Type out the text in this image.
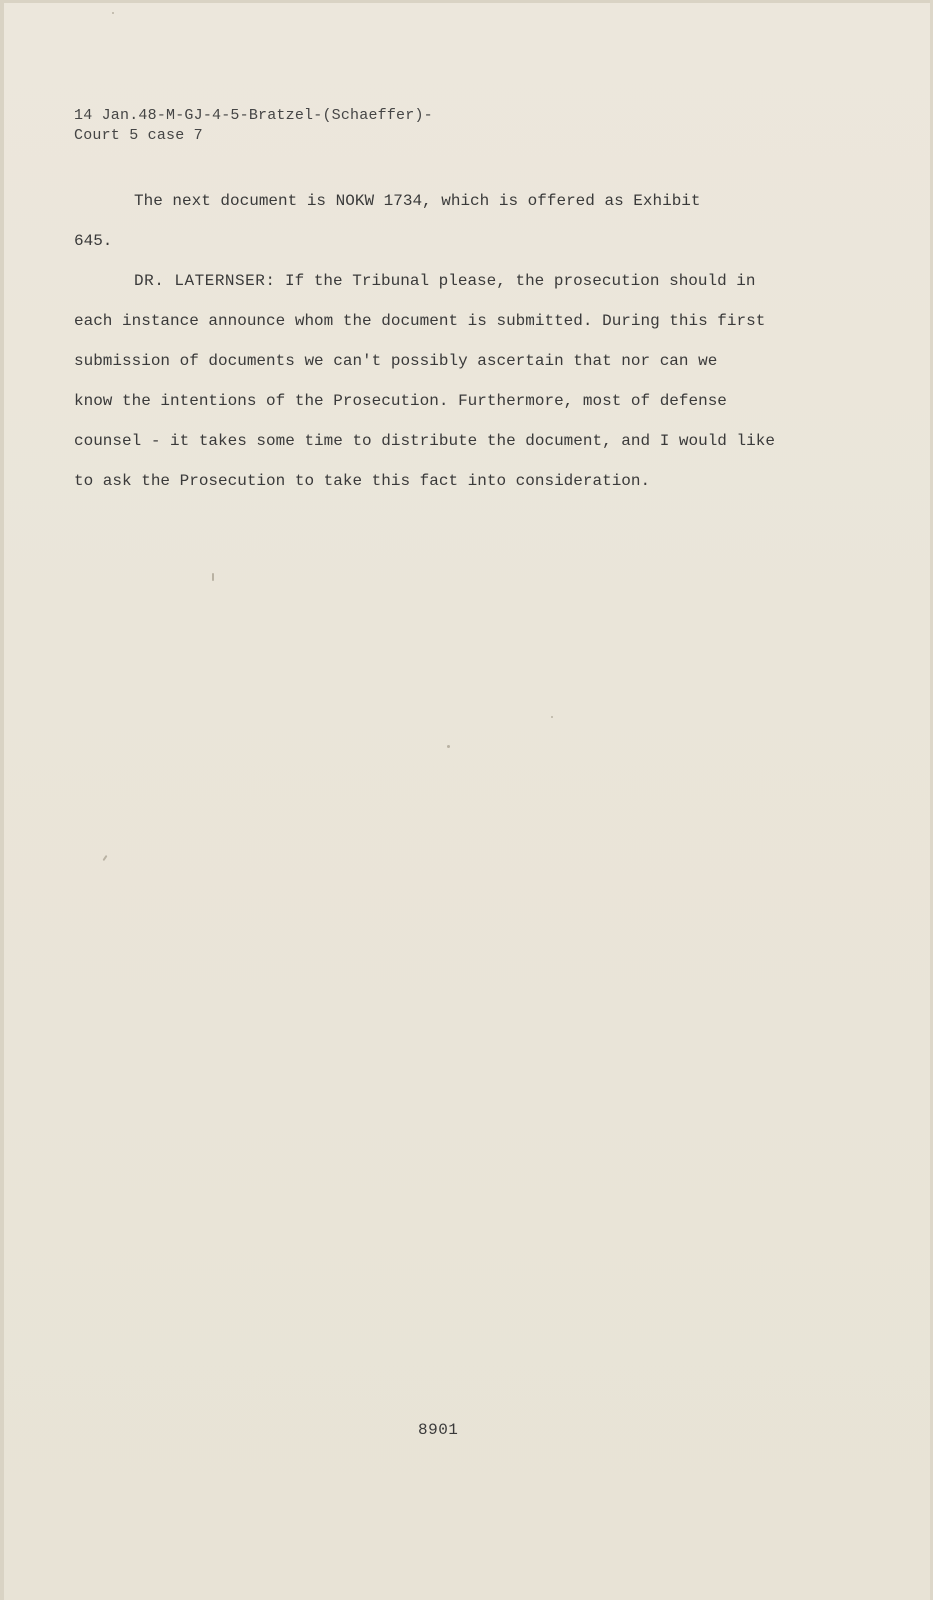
14 Jan.48-M-GJ-4-5-Bratzel-(Schaeffer)-
Court 5 case 7
The next document is NOKW 1734, which is offered as Exhibit
645.
DR. LATERNSER: If the Tribunal please, the prosecution should in
each instance announce whom the document is submitted. During this first
submission of documents we can't possibly ascertain that nor can we
know the intentions of the Prosecution. Furthermore, most of defense
counsel - it takes some time to distribute the document, and I would like
to ask the Prosecution to take this fact into consideration.
8901
